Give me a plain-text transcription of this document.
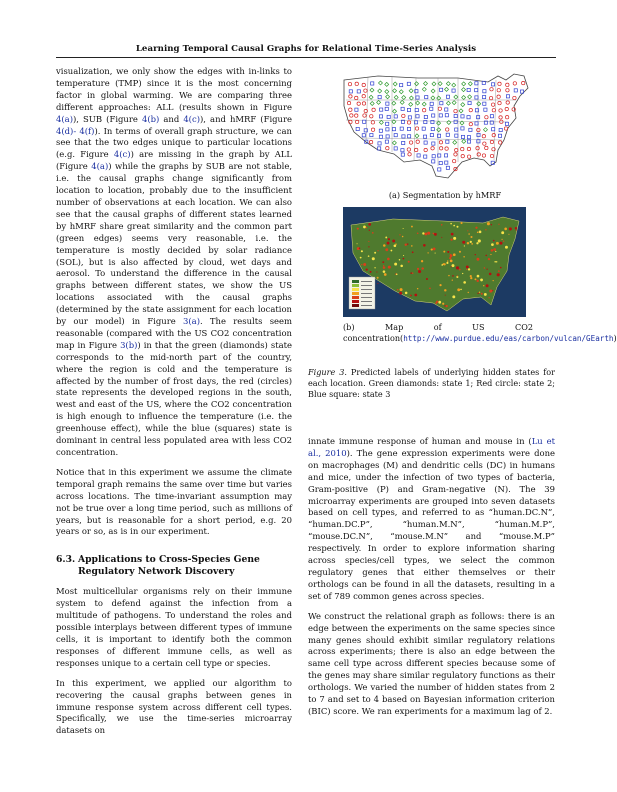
Learning Temporal Causal Graphs for Relational Time-Series Analysis

visualization, we only show the edges with in-links to temperature (TMP) since it is the most concerning factor in global warming. We are comparing three different approaches: ALL (results shown in Figure 4(a)), SUB (Figure 4(b) and 4(c)), and hMRF (Figure 4(d)- 4(f)). In terms of overall graph structure, we can see that the two edges unique to particular locations (e.g. Figure 4(c)) are missing in the graph by ALL (Figure 4(a)) while the graphs by SUB are not stable, i.e. the causal graphs change significantly from location to location, probably due to the insufficient number of observations at each location. We can also see that the causal graphs of different states learned by hMRF share great similarity and the common part (green edges) seems very reasonable, i.e. the temperature is mostly decided by solar radiance (SOL), but is also affected by cloud, wet days and aerosol. To understand the difference in the causal graphs between different states, we show the US locations associated with the causal graphs (determined by the state assignment for each location by our model) in Figure 3(a). The results seem reasonable (compared with the US CO2 concentration map in Figure 3(b)) in that the green (diamonds) state corresponds to the mid-north part of the country, where the region is cold and the temperature is affected by the number of frost days, the red (circles) state represents the developed regions in the south, west and east of the US, where the CO2 concentration is high enough to influence the temperature (i.e. the greenhouse effect), while the blue (squares) state is dominant in central less populated area with less CO2 concentration.

Notice that in this experiment we assume the climate temporal graph remains the same over time but varies across locations. The time-invariant assumption may not be true over a long time period, such as millions of years, but is reasonable for a short period, e.g. 20 years or so, as is in our experiment.

6.3. Applications to Cross-Species Gene
Regulatory Network Discovery

Most multicellular organisms rely on their immune system to defend against the infection from a multitude of pathogens. To understand the roles and possible interplays between different types of immune cells, it is important to identify both the common responses of different immune cells, as well as responses unique to a certain cell type or species.

In this experiment, we applied our algorithm to recovering the causal graphs between genes in immune response system across different cell types. Specifically, we use the time-series microarray datasets on

(a) Segmentation by hMRF
(b) Map of US CO2 concentration(http://www.purdue.edu/eas/carbon/vulcan/GEarth)
Figure 3. Predicted labels of underlying hidden states for each location. Green diamonds: state 1; Red circle: state 2; Blue square: state 3

innate immune response of human and mouse in (Lu et al., 2010). The gene expression experiments were done on macrophages (M) and dendritic cells (DC) in humans and mice, under the infection of two types of bacteria, Gram-positive (P) and Gram-negative (N). The 39 microarray experiments are grouped into seven datasets based on cell types, and referred to as “human.DC.N”, “human.DC.P”, “human.M.N”, “human.M.P”, “mouse.DC.N”, “mouse.M.N” and “mouse.M.P” respectively. In order to explore information sharing across species/cell types, we select the common regulatory genes that either themselves or their orthologs can be found in all the datasets, resulting in a set of 789 common genes across species.

We construct the relational graph as follows: there is an edge between the experiments on the same species since many genes should exhibit similar regulatory relations across experiments; there is also an edge between the same cell type across different species because some of the genes may share similar regulatory functions as their orthologs. We varied the number of hidden states from 2 to 7 and set to 4 based on Bayesian information criterion (BIC) score. We ran experiments for a maximum lag of 2.
